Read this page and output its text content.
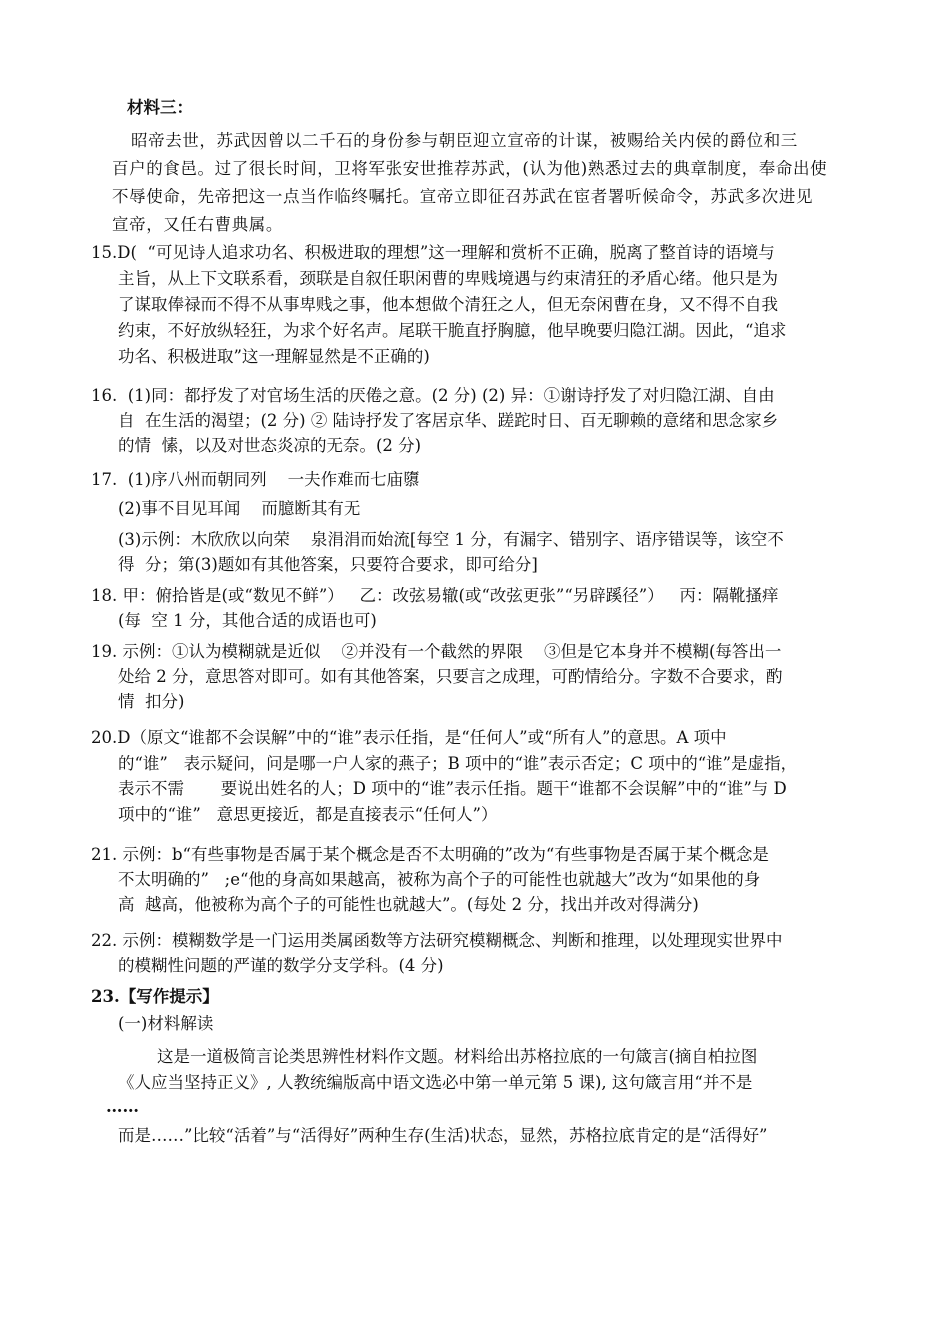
材料三：
昭帝去世，苏武因曾以二千石的身份参与朝臣迎立宣帝的计谋，被赐给关内侯的爵位和三
百户的食邑。过了很长时间，卫将军张安世推荐苏武，(认为他)熟悉过去的典章制度，奉命出使
不辱使命，先帝把这一点当作临终嘱托。宣帝立即征召苏武在宦者署听候命令，苏武多次进见
宣帝，又任右曹典属。
15.D(  “可见诗人追求功名、积极进取的理想”这一理解和赏析不正确，脱离了整首诗的语境与
主旨，从上下文联系看，颈联是自叙任职闲曹的卑贱境遇与约束清狂的矛盾心绪。他只是为
了谋取俸禄而不得不从事卑贱之事，他本想做个清狂之人，但无奈闲曹在身，又不得不自我
约束，不好放纵轻狂，为求个好名声。尾联干脆直抒胸臆，他早晚要归隐江湖。因此，“追求
功名、积极进取”这一理解显然是不正确的)
16.  (1)同：都抒发了对官场生活的厌倦之意。(2 分) (2) 异：①谢诗抒发了对归隐江湖、自由
自  在生活的渴望；(2 分) ② 陆诗抒发了客居京华、蹉跎时日、百无聊赖的意绪和思念家乡
的情  愫，以及对世态炎凉的无奈。(2 分)
17.  (1)序八州而朝同列    一夫作难而七庙隳
(2)事不目见耳闻    而臆断其有无
(3)示例：木欣欣以向荣    泉涓涓而始流[每空 1 分，有漏字、错别字、语序错误等，该空不
得  分；第(3)题如有其他答案，只要符合要求，即可给分]
18. 甲：俯拾皆是(或“数见不鲜”）   乙：改弦易辙(或“改弦更张”“另辟蹊径”）   丙：隔靴搔痒
(每  空 1 分，其他合适的成语也可)
19. 示例：①认为模糊就是近似    ②并没有一个截然的界限    ③但是它本身并不模糊(每答出一
处给 2 分，意思答对即可。如有其他答案，只要言之成理，可酌情给分。字数不合要求，酌
情  扣分)
20.D（原文“谁都不会误解”中的“谁”表示任指，是“任何人”或“所有人”的意思。A 项中
的“谁”   表示疑问，问是哪一户人家的燕子；B 项中的“谁”表示否定；C 项中的“谁”是虚指，
表示不需       要说出姓名的人；D 项中的“谁”表示任指。题干“谁都不会误解”中的“谁”与 D
项中的“谁”   意思更接近，都是直接表示“任何人”）
21. 示例：b“有些事物是否属于某个概念是否不太明确的”改为“有些事物是否属于某个概念是
不太明确的”   ;e“他的身高如果越高，被称为高个子的可能性也就越大”改为“如果他的身
高  越高，他被称为高个子的可能性也就越大”。(每处 2 分，找出并改对得满分)
22. 示例：模糊数学是一门运用类属函数等方法研究模糊概念、判断和推理，以处理现实世界中
的模糊性问题的严谨的数学分支学科。(4 分)
23.【写作提示】
(一)材料解读
这是一道极简言论类思辨性材料作文题。材料给出苏格拉底的一句箴言(摘自柏拉图
《人应当坚持正义》, 人教统编版高中语文选必中第一单元第 5 课), 这句箴言用“并不是
……
而是……”比较“活着”与“活得好”两种生存(生活)状态，显然，苏格拉底肯定的是“活得好”
